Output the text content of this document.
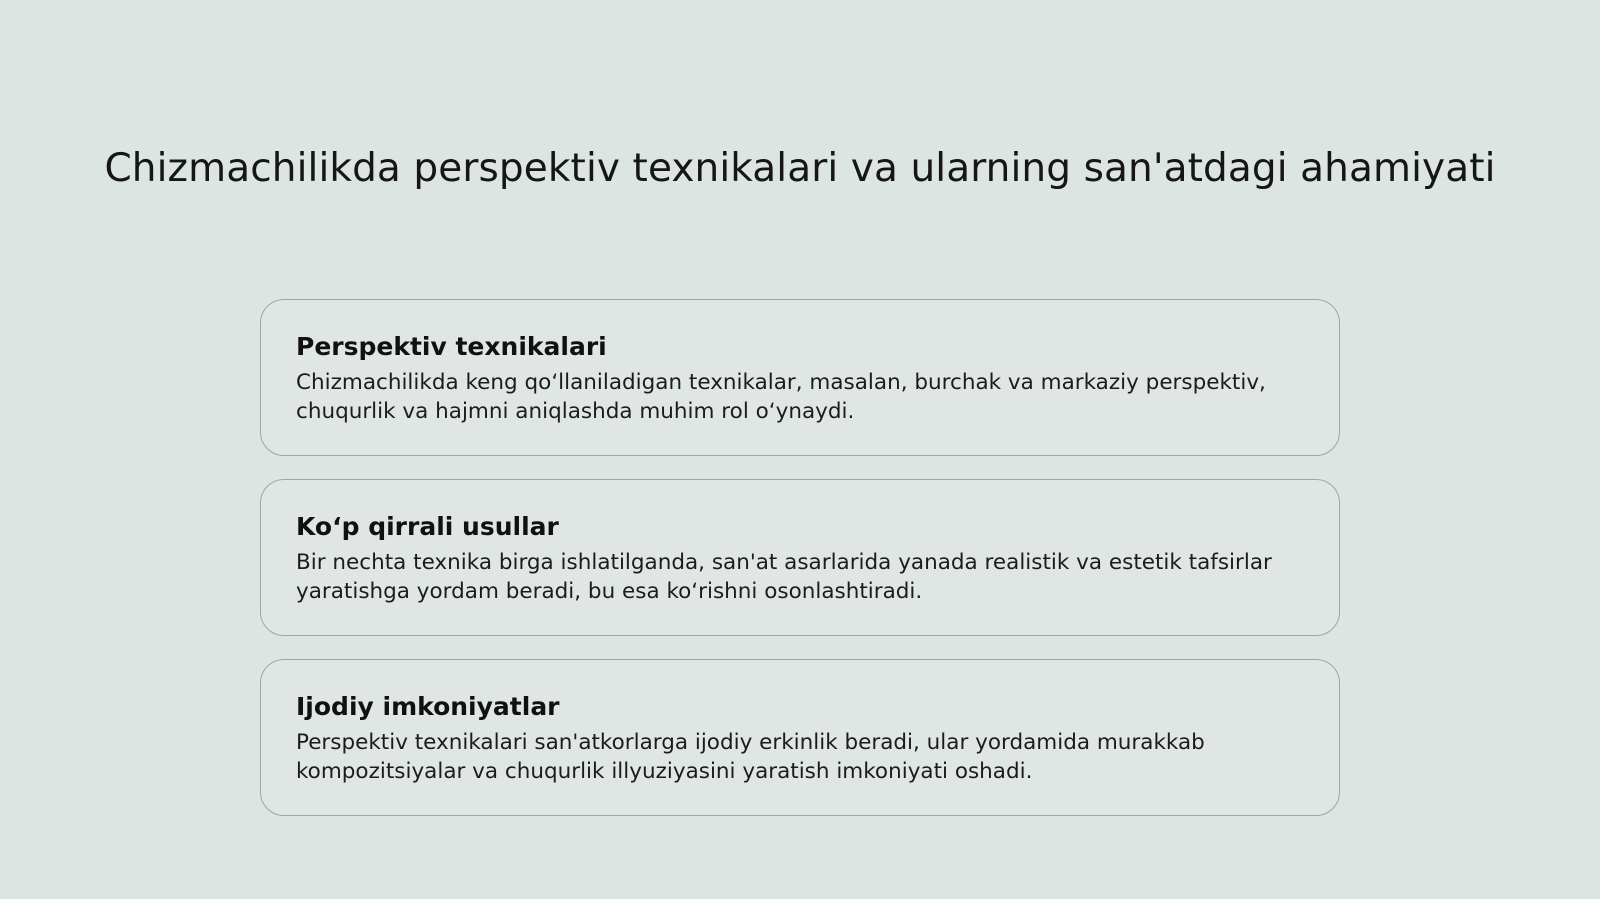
Chizmachilikda perspektiv texnikalari va ularning san'atdagi ahamiyati

Perspektiv texnikalari

Chizmachilikda keng qo‘llaniladigan texnikalar, masalan, burchak va markaziy perspektiv, chuqurlik va hajmni aniqlashda muhim rol o‘ynaydi.

Ko‘p qirrali usullar

Bir nechta texnika birga ishlatilganda, san'at asarlarida yanada realistik va estetik tafsirlar yaratishga yordam beradi, bu esa ko‘rishni osonlashtiradi.

Ijodiy imkoniyatlar

Perspektiv texnikalari san'atkorlarga ijodiy erkinlik beradi, ular yordamida murakkab kompozitsiyalar va chuqurlik illyuziyasini yaratish imkoniyati oshadi.
